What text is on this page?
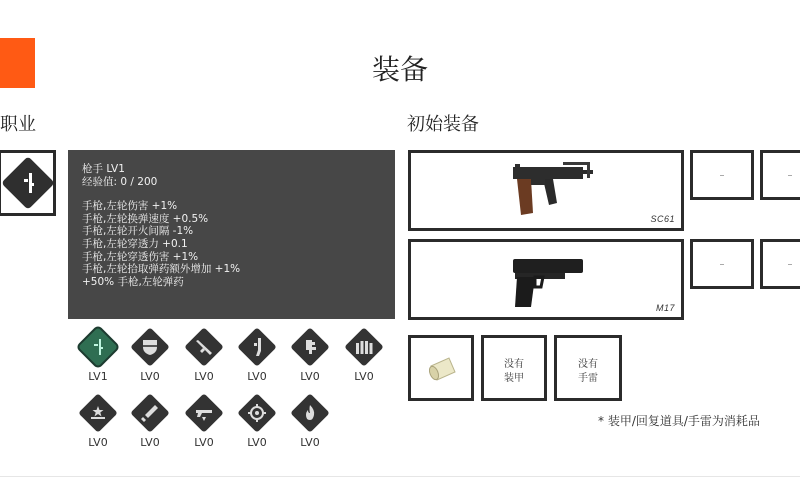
装备
职业	初始装备
枪手 LV1
经验值: 0 / 200
手枪,左轮伤害 +1%
手枪,左轮换弹速度 +0.5%
手枪,左轮开火间隔 -1%
手枪,左轮穿透力 +0.1
手枪,左轮穿透伤害 +1%
手枪,左轮拾取弹药额外增加 +1%
+50% 手枪,左轮弹药
LV1	LV0	LV0	LV0	LV0	LV0
LV0	LV0	LV0	LV0	LV0
SC61
M17
没有
装甲
没有
手雷
* 装甲/回复道具/手雷为消耗品
